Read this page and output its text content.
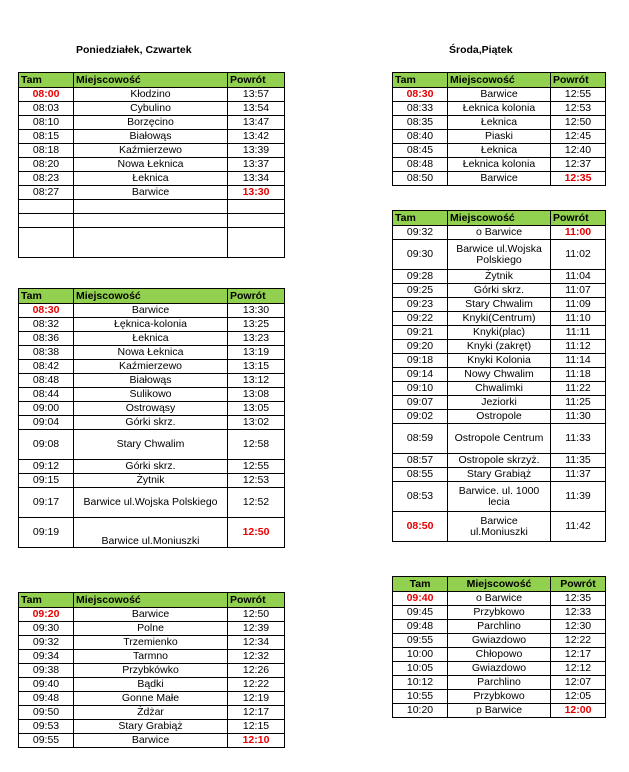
Poniedziałek, Czwartek	Środa,Piątek
Tam	Miejscowość	Powrót
08:00	Kłodzino	13:57
08:03	Cybulino	13:54
08:10	Borzęcino	13:47
08:15	Białowąs	13:42
08:18	Kaźmierzewo	13:39
08:20	Nowa Łeknica	13:37
08:23	Łeknica	13:34
08:27	Barwice	13:30

Tam	Miejscowość	Powrót
08:30	Barwice	13:30
08:32	Łęknica-kolonia	13:25
08:36	Łeknica	13:23
08:38	Nowa Łeknica	13:19
08:42	Kaźmierzewo	13:15
08:48	Białowąs	13:12
08:44	Sulikowo	13:08
09:00	Ostrowąsy	13:05
09:04	Górki skrz.	13:02
09:08	Stary Chwalim	12:58
09:12	Górki skrz.	12:55
09:15	Żytnik	12:53
09:17	Barwice ul.Wojska Polskiego	12:52
09:19	Barwice ul.Moniuszki	12:50
Tam	Miejscowość	Powrót
09:20	Barwice	12:50
09:30	Polne	12:39
09:32	Trzemienko	12:34
09:34	Tarmno	12:32
09:38	Przybkówko	12:26
09:40	Bądki	12:22
09:48	Gonne Małe	12:19
09:50	Żdżar	12:17
09:53	Stary Grabiąż	12:15
09:55	Barwice	12:10
Tam	Miejscowość	Powrót
08:30	Barwice	12:55
08:33	Łeknica kolonia	12:53
08:35	Łeknica	12:50
08:40	Piaski	12:45
08:45	Łeknica	12:40
08:48	Łeknica kolonia	12:37
08:50	Barwice	12:35
Tam	Miejscowość	Powrót
09:32	o Barwice	11:00
09:30	Barwice ul.Wojska Polskiego	11:02
09:28	Żytnik	11:04
09:25	Górki skrz.	11:07
09:23	Stary Chwalim	11:09
09:22	Knyki(Centrum)	11:10
09:21	Knyki(plac)	11:11
09:20	Knyki (zakręt)	11:12
09:18	Knyki Kolonia	11:14
09:14	Nowy Chwalim	11:18
09:10	Chwalimki	11:22
09:07	Jeziorki	11:25
09:02	Ostropole	11:30
08:59	Ostropole Centrum	11:33
08:57	Ostropole skrzyż.	11:35
08:55	Stary Grabiąż	11:37
08:53	Barwice. ul. 1000 lecia	11:39
08:50	Barwice ul.Moniuszki	11:42
Tam	Miejscowość	Powrót
09:40	o Barwice	12:35
09:45	Przybkowo	12:33
09:48	Parchlino	12:30
09:55	Gwiazdowo	12:22
10:00	Chłopowo	12:17
10:05	Gwiazdowo	12:12
10:12	Parchlino	12:07
10:55	Przybkowo	12:05
10:20	p Barwice	12:00
